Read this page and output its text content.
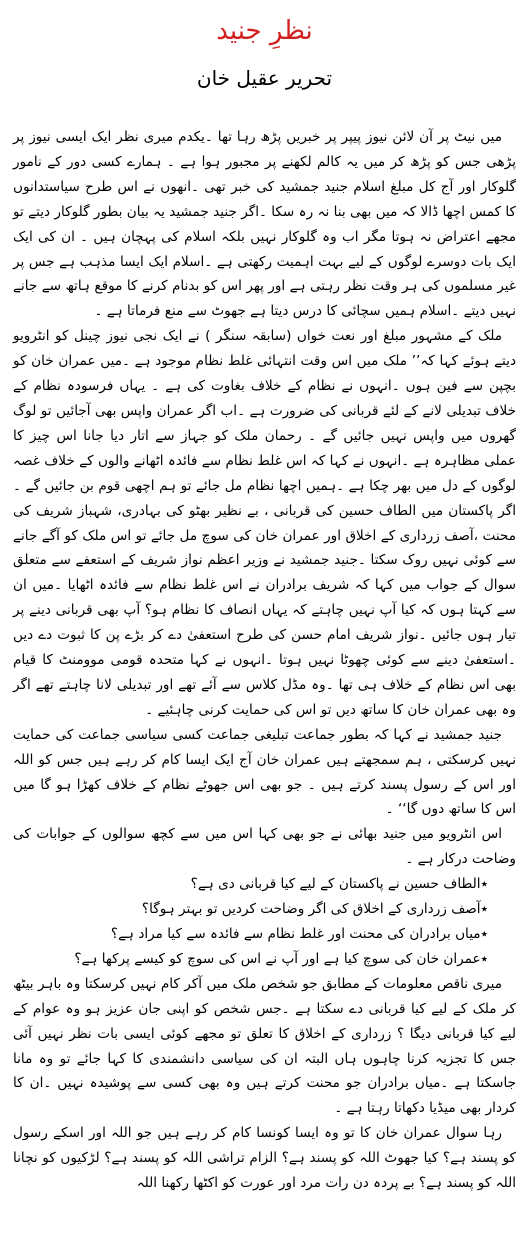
نظرِ جنید
تحریر عقیل خان

میں نیٹ پر آن لائن نیوز پیپر پر خبریں پڑھ رہا تھا ۔یکدم میری نظر ایک ایسی نیوز پر پڑھی جس کو پڑھ کر میں یہ کالم لکھنے پر مجبور ہوا ہے ۔ ہمارے کسی دور کے نامور گلوکار اور آج کل مبلغ اسلام جنید جمشید کی خبر تھی ۔انھوں نے اس طرح سیاستدانوں کا کمس اچھا ڈالا کہ میں بھی بنا نہ رہ سکا ۔اگر جنید جمشید یہ بیان بطور گلوکار دیتے تو مجھے اعتراض نہ ہوتا مگر اب وہ گلوکار نہیں بلکہ اسلام کی پہچان ہیں ۔ ان کی ایک ایک بات دوسرے لوگوں کے لیے بہت اہمیت رکھتی ہے ۔اسلام ایک ایسا مذہب ہے جس پر غیر مسلموں کی ہر وقت نظر رہتی ہے اور پھر اس کو بدنام کرنے کا موقع ہاتھ سے جانے نہیں دیتے ۔اسلام ہمیں سچائی کا درس دیتا ہے جھوٹ سے منع فرماتا ہے ۔

ملک کے مشہور مبلغ اور نعت خواں (سابقہ سنگر ) نے ایک نجی نیوز چینل کو انٹرویو دیتے ہوئے کہا کہ’’ ملک میں اس وقت انتہائی غلط نظام موجود ہے ۔میں عمران خان کو بچپن سے فین ہوں ۔انہوں نے نظام کے خلاف بغاوت کی ہے ۔ یہاں فرسودہ نظام کے خلاف تبدیلی لانے کے لئے قربانی کی ضرورت ہے ۔اب اگر عمران واپس بھی آجائیں تو لوگ گھروں میں واپس نہیں جائیں گے ۔ رحمان ملک کو جہاز سے اتار دیا جانا اس چیز کا عملی مظاہرہ ہے ۔انہوں نے کہا کہ اس غلط نظام سے فائدہ اٹھانے والوں کے خلاف غصہ لوگوں کے دل میں بھر چکا ہے ۔ہمیں اچھا نظام مل جائے تو ہم اچھی قوم بن جائیں گے ۔اگر پاکستان میں الطاف حسین کی قربانی ، بے نظیر بھٹو کی بہادری، شہباز شریف کی محنت ،آصف زرداری کے اخلاق اور عمران خان کی سوچ مل جائے تو اس ملک کو آگے جانے سے کوئی نہیں روک سکتا ۔جنید جمشید نے وزیر اعظم نواز شریف کے استعفے سے متعلق سوال کے جواب میں کہا کہ شریف برادران نے اس غلط نظام سے فائدہ اٹھایا ۔میں ان سے کہتا ہوں کہ کیا آپ نہیں چاہتے کہ یہاں انصاف کا نظام ہو؟ آپ بھی قربانی دینے پر تیار ہوں جائیں ۔نواز شریف امام حسن کی طرح استعفیٰ دے کر بڑے پن کا ثبوت دے دیں ۔استعفیٰ دینے سے کوئی چھوٹا نہیں ہوتا ۔انہوں نے کہا متحدہ قومی موومنٹ کا قیام بھی اس نظام کے خلاف ہی تھا ۔وہ مڈل کلاس سے آئے تھے اور تبدیلی لانا چاہتے تھے اگر وہ بھی عمران خان کا ساتھ دیں تو اس کی حمایت کرنی چاہئیے ۔

جنید جمشید نے کہا کہ بطور جماعت تبلیغی جماعت کسی سیاسی جماعت کی حمایت نہیں کرسکتی ، ہم سمجھتے ہیں عمران خان آج ایک ایسا کام کر رہے ہیں جس کو اللہ اور اس کے رسول پسند کرتے ہیں ۔ جو بھی اس جھوٹے نظام کے خلاف کھڑا ہو گا میں اس کا ساتھ دوں گا‘‘ ۔

اس انٹرویو میں جنید بھائی نے جو بھی کہا اس میں سے کچھ سوالوں کے جوابات کی وضاحت درکار ہے ۔

٭الطاف حسین نے پاکستان کے لیے کیا قربانی دی ہے؟

٭آصف زرداری کے اخلاق کی اگر وضاحت کردیں تو بہتر ہوگا؟

٭میاں برادران کی محنت اور غلط نظام سے فائدہ سے کیا مراد ہے؟

٭عمران خان کی سوچ کیا ہے اور آپ نے اس کی سوچ کو کیسے پرکھا ہے؟

میری ناقص معلومات کے مطابق جو شخص ملک میں آکر کام نہیں کرسکتا وہ باہر بیٹھ کر ملک کے لیے کیا قربانی دے سکتا ہے ۔جس شخص کو اپنی جان عزیز ہو وہ عوام کے لیے کیا قربانی دیگا ؟ زرداری کے اخلاق کا تعلق تو مجھے کوئی ایسی بات نظر نہیں آئی جس کا تجزیہ کرنا چاہوں ہاں البتہ ان کی سیاسی دانشمندی کا کہا جائے تو وہ مانا جاسکتا ہے ۔میاں برادران جو محنت کرتے ہیں وہ بھی کسی سے پوشیدہ نہیں ۔ان کا کردار بھی میڈیا دکھاتا رہتا ہے ۔

رہا سوال عمران خان کا تو وہ ایسا کونسا کام کر رہے ہیں جو اللہ اور اسکے رسول کو پسند ہے؟ کیا جھوٹ اللہ کو پسند ہے؟ الزام تراشی اللہ کو پسند ہے؟ لڑکیوں کو نچانا اللہ کو پسند ہے؟ بے پردہ دن رات مرد اور عورت کو اکٹھا رکھنا اللہ
